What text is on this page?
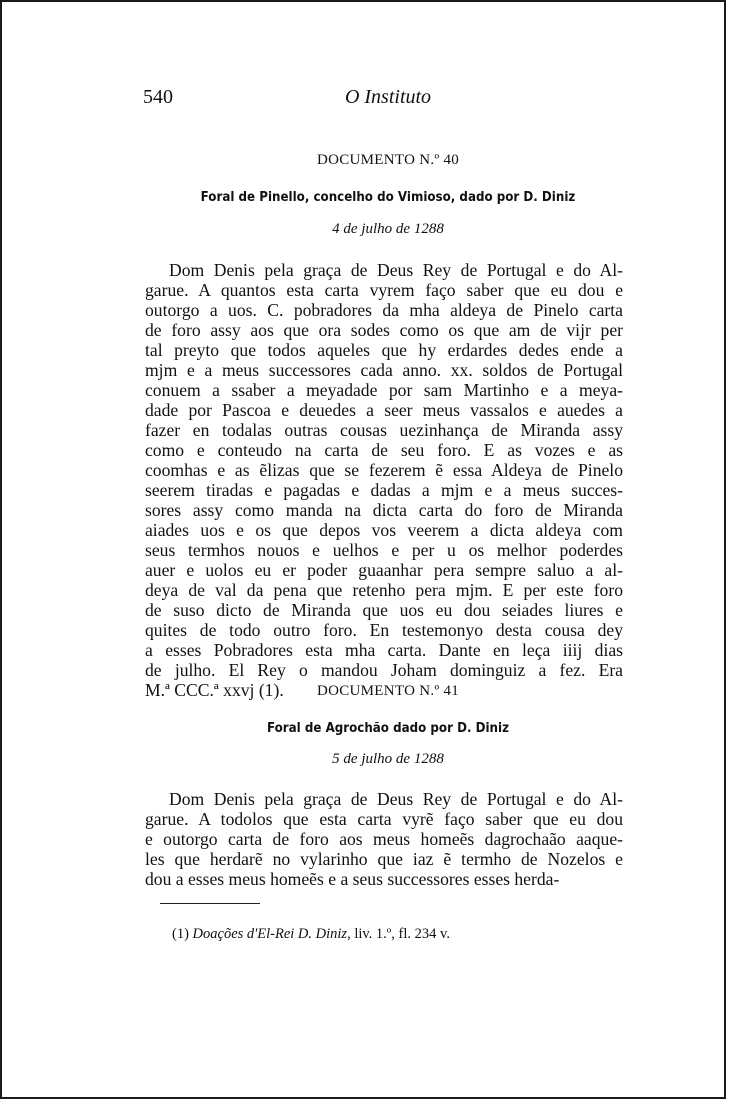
540	O Instituto
DOCUMENTO N.º 40
Foral de Pinello, concelho do Vimioso, dado por D. Diniz
4 de julho de 1288
Dom Denis pela graça de Deus Rey de Portugal e do Al-
garue. A quantos esta carta vyrem faço saber que eu dou e
outorgo a uos. C. pobradores da mha aldeya de Pinelo carta
de foro assy aos que ora sodes como os que am de vijr per
tal preyto que todos aqueles que hy erdardes dedes ende a
mjm e a meus successores cada anno. xx. soldos de Portugal
conuem a ssaber a meyadade por sam Martinho e a meya-
dade por Pascoa e deuedes a seer meus vassalos e auedes a
fazer en todalas outras cousas uezinhança de Miranda assy
como e conteudo na carta de seu foro. E as vozes e as
coomhas e as ẽlizas que se fezerem ẽ essa Aldeya de Pinelo
seerem tiradas e pagadas e dadas a mjm e a meus succes-
sores assy como manda na dicta carta do foro de Miranda
aiades uos e os que depos vos veerem a dicta aldeya com
seus termhos nouos e uelhos e per u os melhor poderdes
auer e uolos eu er poder guaanhar pera sempre saluo a al-
deya de val da pena que retenho pera mjm. E per este foro
de suso dicto de Miranda que uos eu dou seiades liures e
quites de todo outro foro. En testemonyo desta cousa dey
a esses Pobradores esta mha carta. Dante en leça iiij dias
de julho. El Rey o mandou Joham dominguiz a fez. Era
M.ª CCC.ª xxvj (1).	DOCUMENTO N.º 41
Foral de Agrochão dado por D. Diniz
5 de julho de 1288
Dom Denis pela graça de Deus Rey de Portugal e do Al-
garue. A todolos que esta carta vyrẽ faço saber que eu dou
e outorgo carta de foro aos meus homeẽs dagrochaão aaque-
les que herdarẽ no vylarinho que iaz ẽ termho de Nozelos e
dou a esses meus homeẽs e a seus successores esses herda-
(1) Doações d'El-Rei D. Diniz, liv. 1.º, fl. 234 v.
